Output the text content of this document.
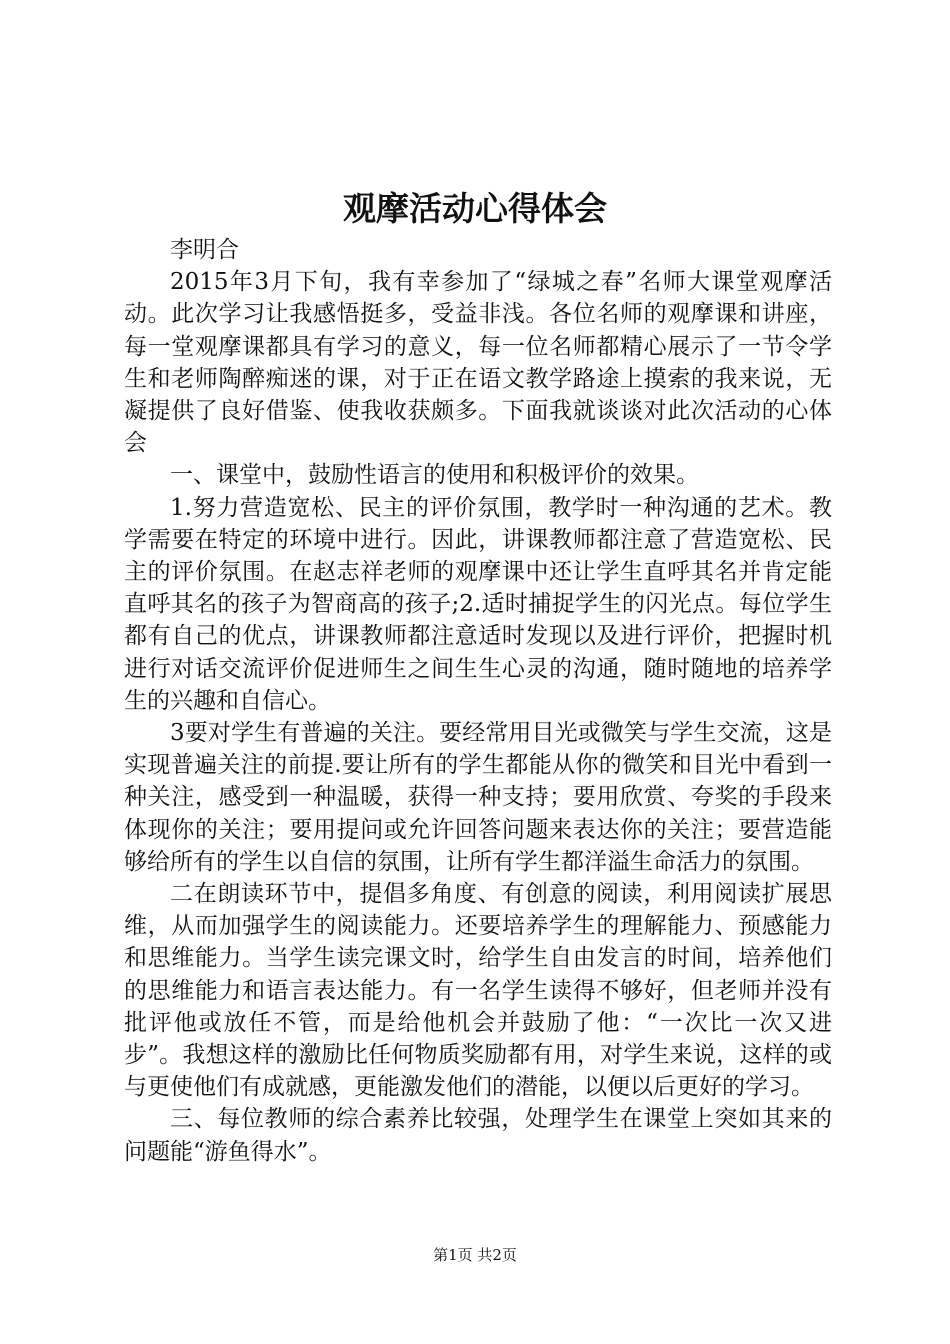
观摩活动心得体会

李明合

2015年3月下旬，我有幸参加了“绿城之春”名师大课堂观摩活动。此次学习让我感悟挺多，受益非浅。各位名师的观摩课和讲座，每一堂观摩课都具有学习的意义，每一位名师都精心展示了一节令学生和老师陶醉痴迷的课，对于正在语文教学路途上摸索的我来说，无凝提供了良好借鉴、使我收获颇多。下面我就谈谈对此次活动的心体会

一、课堂中，鼓励性语言的使用和积极评价的效果。

1.努力营造宽松、民主的评价氛围，教学时一种沟通的艺术。教学需要在特定的环境中进行。因此，讲课教师都注意了营造宽松、民主的评价氛围。在赵志祥老师的观摩课中还让学生直呼其名并肯定能直呼其名的孩子为智商高的孩子;2.适时捕捉学生的闪光点。每位学生都有自己的优点，讲课教师都注意适时发现以及进行评价，把握时机进行对话交流评价促进师生之间生生心灵的沟通，随时随地的培养学生的兴趣和自信心。

3要对学生有普遍的关注。要经常用目光或微笑与学生交流，这是实现普遍关注的前提.要让所有的学生都能从你的微笑和目光中看到一种关注，感受到一种温暖，获得一种支持；要用欣赏、夸奖的手段来体现你的关注；要用提问或允许回答问题来表达你的关注；要营造能够给所有的学生以自信的氛围，让所有学生都洋溢生命活力的氛围。

二在朗读环节中，提倡多角度、有创意的阅读，利用阅读扩展思维，从而加强学生的阅读能力。还要培养学生的理解能力、预感能力和思维能力。当学生读完课文时，给学生自由发言的时间，培养他们的思维能力和语言表达能力。有一名学生读得不够好，但老师并没有批评他或放任不管，而是给他机会并鼓励了他：“一次比一次又进步”。我想这样的激励比任何物质奖励都有用，对学生来说，这样的或与更使他们有成就感，更能激发他们的潜能，以便以后更好的学习。

三、每位教师的综合素养比较强，处理学生在课堂上突如其来的问题能“游鱼得水”。

第1页 共2页
